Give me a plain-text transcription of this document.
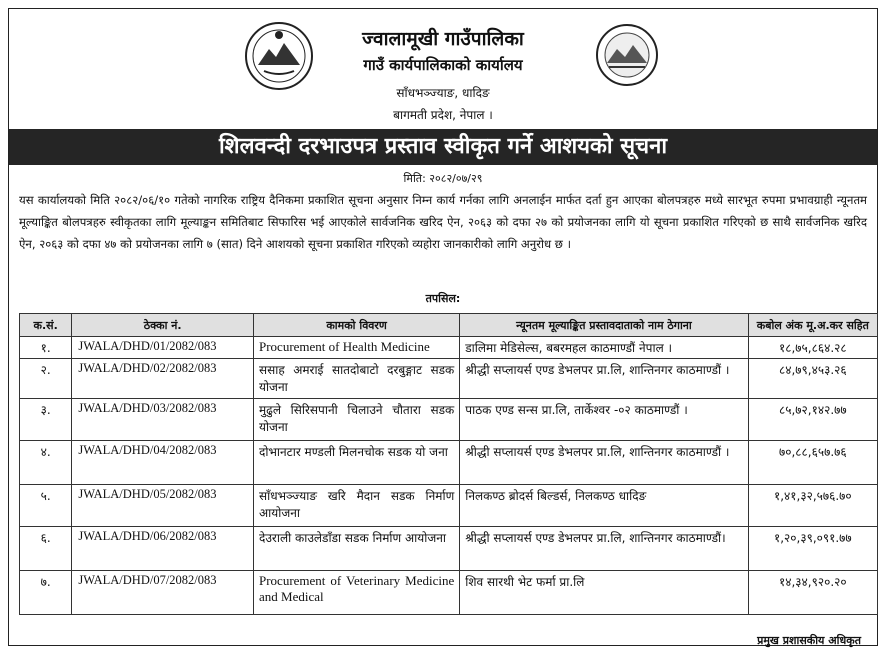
ज्वालामूखी गाउँपालिका
गाउँ कार्यपालिकाको कार्यालय
साँधभञ्ज्याङ, धादिङ
बागमती प्रदेश, नेपाल ।
शिलवन्दी दरभाउपत्र प्रस्ताव स्वीकृत गर्ने आशयको सूचना
मिति: २०८२/०७/२९
यस कार्यालयको मिति २०८२/०६/१० गतेको नागरिक राष्ट्रिय दैनिकमा प्रकाशित सूचना अनुसार निम्न कार्य गर्नका लागि अनलाईन मार्फत दर्ता हुन आएका बोलपत्रहरु मध्ये सारभूत रुपमा प्रभावग्राही न्यूनतम मूल्याङ्कित बोलपत्रहरु स्वीकृतका लागि मूल्याङ्कन समितिबाट सिफारिस भई आएकोले सार्वजनिक खरिद ऐन, २०६३ को दफा २७ को प्रयोजनका लागि यो सूचना प्रकाशित गरिएको छ साथै सार्वजनिक खरिद ऐन, २०६३ को दफा ४७ को प्रयोजनका लागि ७ (सात) दिने आशयको सूचना प्रकाशित गरिएको व्यहोरा जानकारीको लागि अनुरोध छ ।
तपसिल:
क.सं.	ठेक्का नं.	कामको विवरण	न्यूनतम मूल्याङ्कित प्रस्तावदाताको नाम ठेगाना	कबोल अंक मू.अ.कर सहित
१.	JWALA/DHD/01/2082/083	Procurement of Health Medicine	डालिमा मेडिसेल्स, बबरमहल काठमाण्डौं नेपाल ।	१८,७५,८६४.२८
२.	JWALA/DHD/02/2082/083	ससाह अमराई सातदोबाटो दरबुङ्गाट सडक योजना	श्रीद्धी सप्लायर्स एण्ड डेभलपर प्रा.लि, शान्तिनगर काठमाण्डौं ।	८४,७९,४५३.२६
३.	JWALA/DHD/03/2082/083	मुढुले सिरिसपानी चिलाउने चौतारा सडक योजना	पाठक एण्ड सन्स प्रा.लि, तार्केश्वर -०२ काठमाण्डौं ।	८५,७२,१४२.७७
४.	JWALA/DHD/04/2082/083	दोभानटार मण्डली मिलनचोक सडक यो जना	श्रीद्धी सप्लायर्स एण्ड डेभलपर प्रा.लि, शान्तिनगर काठमाण्डौं ।	७०,८८,६५७.७६
५.	JWALA/DHD/05/2082/083	साँधभञ्ज्याङ खरि मैदान सडक निर्माण आयोजना	निलकण्ठ ब्रोदर्स बिल्डर्स, निलकण्ठ धादिङ	१,४१,३२,५७६.७०
६.	JWALA/DHD/06/2082/083	देउराली काउलेडाँडा सडक निर्माण आयोजना	श्रीद्धी सप्लायर्स एण्ड डेभलपर प्रा.लि, शान्तिनगर काठमाण्डौं।	१,२०,३९,०९१.७७
७.	JWALA/DHD/07/2082/083	Procurement of Veterinary Medicine and Medical	शिव सारथी भेट फर्मा प्रा.लि	१४,३४,९२०.२०
प्रमुख प्रशासकीय अधिकृत
